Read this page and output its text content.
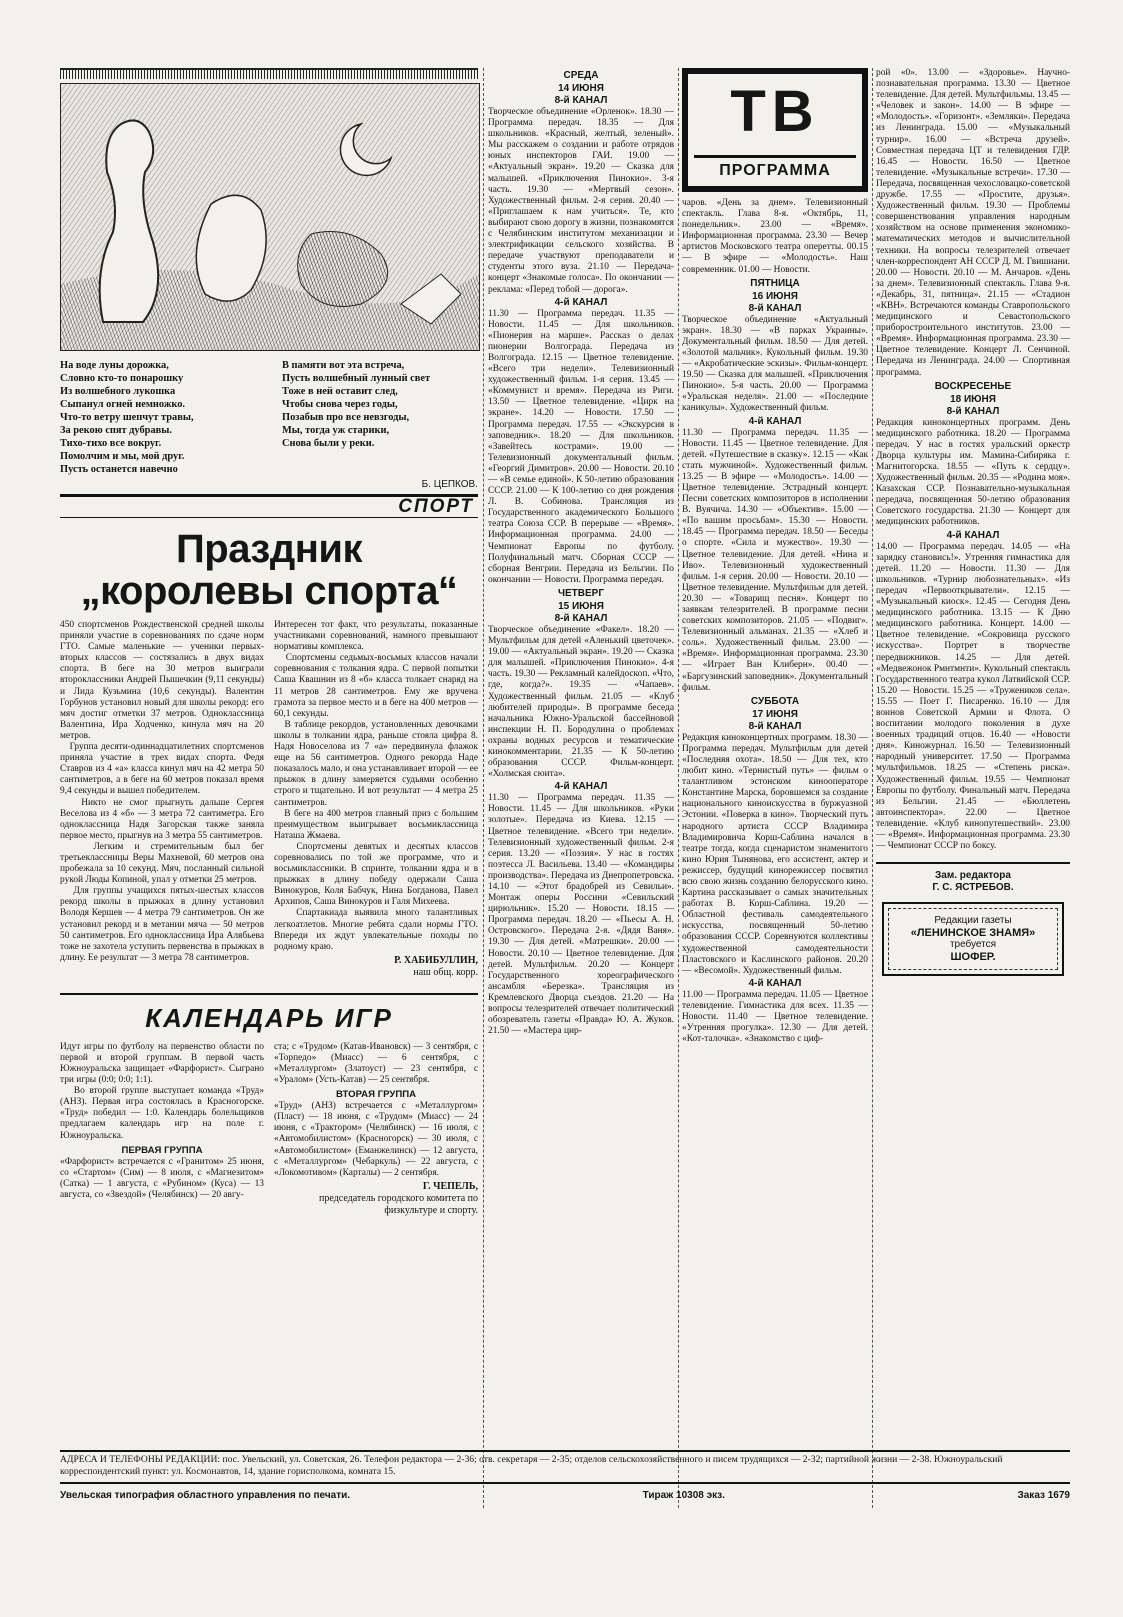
На воде луны дорожка,
Словно кто-то понарошку
Из волшебного лукошка
Сыпанул огней немножко.
Что-то ветру шепчут травы,
За рекою спят дубравы.
Тихо-тихо все вокруг.
Помолчим и мы, мой друг.
Пусть останется навечно
В памяти вот эта встреча,
Пусть волшебный лунный свет
Тоже в ней оставит след,
Чтобы снова через годы,
Позабыв про все невзгоды,
Мы, тогда уж старики,
Снова были у реки.
Б. ЦЕПКОВ.
СПОРТ
Праздник
„королевы спорта“

450 спортсменов Рождественской средней школы приняли участие в соревнованиях по сдаче норм ГТО. Самые маленькие — ученики первых-вторых классов — состязались в двух видах спорта. В беге на 30 метров выиграли второклассники Андрей Пышечкин (9,11 секунды) и Лида Кузьмина (10,6 секунды). Валентин Горбунов установил новый для школы рекорд: его мяч достиг отметки 37 метров. Одноклассница Валентина, Ира Ходченко, кинула мяч на 20 метров.
Группа десяти-одиннадцатилетних спортсменов приняла участие в трех видах спорта. Федя Ставров из 4 «а» класса кинул мяч на 42 метра 50 сантиметров, а в беге на 60 метров показал время 9,4 секунды и вышел победителем.
Никто не смог прыгнуть дальше Сергея Веселова из 4 «б» — 3 метра 72 сантиметра. Его одноклассница Надя Загорская также заняла первое место, прыгнув на 3 метра 55 сантиметров.
Легким и стремительным был бег третьеклассницы Веры Махневой, 60 метров она пробежала за 10 секунд. Мяч, посланный сильной рукой Люды Копиной, упал у отметки 25 метров.
Для группы учащихся пятых-шестых классов рекорд школы в прыжках в длину установил Володя Кершев — 4 метра 79 сантиметров. Он же установил рекорд и в метании мяча — 50 метров 50 сантиметров. Его одноклассница Ира Алябьева тоже не захотела уступить первенства в прыжках в длину. Ее результат — 3 метра 78 сантиметров.

Интересен тот факт, что результаты, показанные участниками соревнований, намного превышают нормативы комплекса.
Спортсмены седьмых-восьмых классов начали соревнования с толкания ядра. С первой попытки Саша Квашнин из 8 «б» класса толкает снаряд на 11 метров 28 сантиметров. Ему же вручена грамота за первое место и в беге на 400 метров — 60,1 секунды.
В таблице рекордов, установленных девочками школы в толкании ядра, раньше стояла цифра 8. Надя Новоселова из 7 «а» передвинула флажок еще на 56 сантиметров. Одного рекорда Наде показалось мало, и она устанавливает второй — ее прыжок в длину замеряется судьями особенно строго и тщательно. И вот результат — 4 метра 25 сантиметров.
В беге на 400 метров главный приз с большим преимуществом выигрывает восьмиклассница Наташа Жмаева.
Спортсмены девятых и десятых классов соревновались по той же программе, что и восьмиклассники. В спринте, толкании ядра и в прыжках в длину победу одержали Саша Винокуров, Коля Бабчук, Нина Богданова, Павел Архипов, Саша Винокуров и Галя Михеева.
Спартакиада выявила много талантливых легкоатлетов. Многие ребята сдали нормы ГТО. Впереди их ждут увлекательные походы по родному краю.

Р. ХАБИБУЛЛИН,
наш общ. корр.
КАЛЕНДАРЬ ИГР

Идут игры по футболу на первенство области по первой и второй группам. В первой часть Южноуральска защищает «Фарфорист». Сыграно три игры (0:0; 0:0; 1:1).
Во второй группе выступает команда «Труд» (АНЗ). Первая игра состоялась в Красногорске. «Труд» победил — 1:0. Календарь болельщиков предлагаем календарь игр на поле г. Южноуральска.

ПЕРВАЯ ГРУППА

«Фарфорист» встречается с «Гранитом» 25 июня, со «Стартом» (Сим) — 8 июля, с «Магнезитом» (Сатка) — 1 августа, с «Рубином» (Куса) — 13 августа, со «Звездой» (Челябинск) — 20 авгу-

ста; с «Трудом» (Катав-Ивановск) — 3 сентября, с «Торпедо» (Миасс) — 6 сентября, с «Металлургом» (Златоуст) — 23 сентября, с «Уралом» (Усть-Катав) — 25 сентября.

ВТОРАЯ ГРУППА

«Труд» (АНЗ) встречается с «Металлургом» (Пласт) — 18 июня, с «Трудом» (Миасс) — 24 июня, с «Трактором» (Челябинск) — 16 июля, с «Автомобилистом» (Красногорск) — 30 июля, с «Автомобилистом» (Еманжелинск) — 12 августа, с «Металлургом» (Чебаркуль) — 22 августа, с «Локомотивом» (Карталы) — 2 сентября.

Г. ЧЕПЕЛЬ,
председатель городского комитета по физкультуре и спорту.
СРЕДА
14 ИЮНЯ
8-й КАНАЛ

Творческое объединение «Орленок». 18.30 — Программа передач. 18.35 — Для школьников. «Красный, желтый, зеленый». Мы расскажем о создании и работе отрядов юных инспекторов ГАИ. 19.00 — «Актуальный экран». 19.20 — Сказка для малышей. «Приключения Пинокио». 3-я часть. 19.30 — «Мертвый сезон». Художественный фильм. 2-я серия. 20.40 — «Приглашаем к нам учиться». Те, кто выбирают свою дорогу в жизни, познакомятся с Челябинским институтом механизации и электрификации сельского хозяйства. В передаче участвуют преподаватели и студенты этого вуза. 21.10 — Передача-концерт «Знакомые голоса». По окончании — реклама: «Перед тобой — дорога».

4-й КАНАЛ

11.30 — Программа передач. 11.35 — Новости. 11.45 — Для школьников. «Пионерия на марше». Рассказ о делах пионерии Волгограда. Передача из Волгограда. 12.15 — Цветное телевидение. «Всего три недели». Телевизионный художественный фильм. 1-я серия. 13.45 — «Коммунист и время». Передача из Риги. 13.50 — Цветное телевидение. «Цирк на экране». 14.20 — Новости. 17.50 — Программа передач. 17.55 — «Экскурсия в заповедник». 18.20 — Для школьников. «Завейтесь кострами». 19.00 — Телевизионный документальный фильм. «Георгий Димитров». 20.00 — Новости. 20.10 — «В семье единой». К 50-летию образования СССР. 21.00 — К 100-летию со дня рождения Л. В. Собинова. Трансляция из Государственного академического Большого театра Союза ССР. В перерыве — «Время». Информационная программа. 24.00 — Чемпионат Европы по футболу. Полуфинальный матч. Сборная СССР — сборная Венгрии. Передача из Бельгии. По окончании — Новости. Программа передач.

ЧЕТВЕРГ
15 ИЮНЯ
8-й КАНАЛ

Творческое объединение «Факел». 18.20 — Мультфильм для детей «Аленький цветочек». 19.00 — «Актуальный экран». 19.20 — Сказка для малышей. «Приключения Пинокио». 4-я часть. 19.30 — Рекламный калейдоскоп. «Что, где, когда?». 19.35 — «Чапаев». Художественный фильм. 21.05 — «Клуб любителей природы». В программе беседа начальника Южно-Уральской бассейновой инспекции Н. П. Бородулина о проблемах охраны водных ресурсов и тематические кинокомментарии. 21.35 — К 50-летию образования СССР. Фильм-концерт. «Холмская сюита».

4-й КАНАЛ

11.30 — Программа передач. 11.35 — Новости. 11.45 — Для школьников. «Руки золотые». Передача из Киева. 12.15 — Цветное телевидение. «Всего три недели». Телевизионный художественный фильм. 2-я серия. 13.20 — «Поэзия». У нас в гостях поэтесса Л. Васильева. 13.40 — «Командиры производства». Передача из Днепропетровска. 14.10 — «Этот брадобрей из Севильи». Монтаж оперы Россини «Севильский цирюльник». 15.20 — Новости. 18.15 — Программа передач. 18.20 — «Пьесы А. Н. Островского». Передача 2-я. «Дядя Ваня». 19.30 — Для детей. «Матрешки». 20.00 — Новости. 20.10 — Цветное телевидение. Для детей. Мультфильм. 20.20 — Концерт Государственного хореографического ансамбля «Березка». Трансляция из Кремлевского Дворца съездов. 21.20 — На вопросы телезрителей отвечает политический обозреватель газеты «Правда» Ю. А. Жуков. 21.50 — «Мастера цир-

ТВ
ПРОГРАММА

чаров. «День за днем». Телевизионный спектакль. Глава 8-я. «Октябрь, 11, понедельник». 23.00 — «Время». Информационная программа. 23.30 — Вечер артистов Московского театра оперетты. 00.15 — В эфире — «Молодость». Наш современник. 01.00 — Новости.

ПЯТНИЦА
16 ИЮНЯ
8-й КАНАЛ

Творческое объединение «Актуальный экран». 18.30 — «В парках Украины». Документальный фильм. 18.50 — Для детей. «Золотой мальчик». Кукольный фильм. 19.30 — «Акробатические эскизы». Фильм-концерт. 19.50 — Сказка для малышей. «Приключения Пинокио». 5-я часть. 20.00 — Программа «Уральская неделя». 21.00 — «Последние каникулы». Художественный фильм.

4-й КАНАЛ

11.30 — Программа передач. 11.35 — Новости. 11.45 — Цветное телевидение. Для детей. «Путешествие в сказку». 12.15 — «Как стать мужчиной». Художественный фильм. 13.25 — В эфире — «Молодость». 14.00 — Цветное телевидение. Эстрадный концерт. Песни советских композиторов в исполнении В. Вуячича. 14.30 — «Объектив». 15.00 — «По вашим просьбам». 15.30 — Новости. 18.45 — Программа передач. 18.50 — Беседы о спорте. «Сила и мужество». 19.30 — Цветное телевидение. Для детей. «Нина и Иво». Телевизионный художественный фильм. 1-я серия. 20.00 — Новости. 20.10 — Цветное телевидение. Мультфильм для детей. 20.30 — «Товарищ песня». Концерт по заявкам телезрителей. В программе песни советских композиторов. 21.05 — «Подвиг». Телевизионный альманах. 21.35 — «Хлеб и соль». Художественный фильм. 23.00 — «Время». Информационная программа. 23.30 — «Играет Ван Клиберн». 00.40 — «Баргузинский заповедник». Документальный фильм.

СУББОТА
17 ИЮНЯ
8-й КАНАЛ

Редакция киноконцертных программ. 18.30 — Программа передач. Мультфильм для детей «Последняя охота». 18.50 — Для тех, кто любит кино. «Тернистый путь» — фильм о талантливом эстонском кинооператоре Константине Марска, боровшемся за создание национального киноискусства в буржуазной Эстонии. «Поверка в кино». Творческий путь народного артиста СССР Владимира Владимировича Корш-Саблина начался в театре тогда, когда сценаристом знаменитого кино Юрия Тынянова, его ассистент, актер и режиссер, будущий кинорежиссер посвятил всю свою жизнь созданию белорусского кино. Картина рассказывает о самых значительных работах В. Корш-Саблина. 19.20 — Областной фестиваль самодеятельного искусства, посвященный 50-летию образования СССР. Соревнуются коллективы художественной самодеятельности Пластовского и Каслинского районов. 20.20 — «Весомой». Художественный фильм.

4-й КАНАЛ

11.00 — Программа передач. 11.05 — Цветное телевидение. Гимнастика для всех. 11.35 — Новости. 11.40 — Цветное телевидение. «Утренняя прогулка». 12.30 — Для детей. «Кот-талочка». «Знакомство с циф-

рой «0». 13.00 — «Здоровье». Научно-познавательная программа. 13.30 — Цветное телевидение. Для детей. Мультфильмы. 13.45 — «Человек и закон». 14.00 — В эфире — «Молодость». «Горизонт». «Земляки». Передача из Ленинграда. 15.00 — «Музыкальный турнир». 16.00 — «Встреча друзей». Совместная передача ЦТ и телевидения ГДР. 16.45 — Новости. 16.50 — Цветное телевидение. «Музыкальные встречи». 17.30 — Передача, посвященная чехословацко-советской дружбе. 17.55 — «Простите, друзья». Художественный фильм. 19.30 — Проблемы совершенствования управления народным хозяйством на основе применения экономико-математических методов и вычислительной техники. На вопросы телезрителей отвечает член-корреспондент АН СССР Д. М. Гвишиани. 20.00 — Новости. 20.10 — М. Анчаров. «День за днем». Телевизионный спектакль. Глава 9-я. «Декабрь, 31, пятница». 21.15 — «Стадион «КВН». Встречаются команды Ставропольского медицинского и Севастопольского приборостроительного институтов. 23.00 — «Время». Информационная программа. 23.30 — Цветное телевидение. Концерт Л. Сенчиной. Передача из Ленинграда. 24.00 — Спортивная программа.

ВОСКРЕСЕНЬЕ
18 ИЮНЯ
8-й КАНАЛ

Редакция киноконцертных программ. День медицинского работника. 18.20 — Программа передач. У нас в гостях уральский оркестр Дворца культуры им. Мамина-Сибиряка г. Магнитогорска. 18.55 — «Путь к сердцу». Художественный фильм. 20.35 — «Родина моя». Казахская ССР. Познавательно-музыкальная передача, посвященная 50-летию образования Советского государства. 21.30 — Концерт для медицинских работников.

4-й КАНАЛ

14.00 — Программа передач. 14.05 — «На зарядку становись!». Утренняя гимнастика для детей. 11.20 — Новости. 11.30 — Для школьников. «Турнир любознательных». «Из передач «Первооткрыватели». 12.15 — «Музыкальный киоск». 12.45 — Сегодня День медицинского работника. 13.15 — К Дню медицинского работника. Концерт. 14.00 — Цветное телевидение. «Сокровища русского искусства». Портрет в творчестве передвижников. 14.25 — Для детей. «Медвежонок Рмнтмнти». Кукольный спектакль Государственного театра кукол Латвийской ССР. 15.20 — Новости. 15.25 — «Тружеников села». 15.55 — Поет Г. Писаренко. 16.10 — Для воинов Советской Армии и Флота. О воспитании молодого поколения в духе военных традиций отцов. 16.40 — «Новости дня». Киножурнал. 16.50 — Телевизионный народный университет. 17.50 — Программа мультфильмов. 18.25 — «Степень риска». Художественный фильм. 19.55 — Чемпионат Европы по футболу. Финальный матч. Передача из Бельгии. 21.45 — «Бюллетень автоинспектора». 22.00 — Цветное телевидение. «Клуб кинопутешествий». 23.00 — «Время». Информационная программа. 23.30 — Чемпионат СССР по боксу.

Зам. редактора
Г. С. ЯСТРЕБОВ.
Редакции газеты
«ЛЕНИНСКОЕ ЗНАМЯ»
требуется
ШОФЕР.

АДРЕСА И ТЕЛЕФОНЫ РЕДАКЦИИ: пос. Увельский, ул. Советская, 26. Телефон редактора — 2-36; отв. секретаря — 2-35; отделов сельскохозяйственного и писем трудящихся — 2-32; партийной жизни — 2-38. Южноуральский корреспондентский пункт: ул. Космонавтов, 14, здание горисполкома, комната 15.

Увельская типография областного управления по печати.	Тираж 10308 экз.	Заказ 1679
